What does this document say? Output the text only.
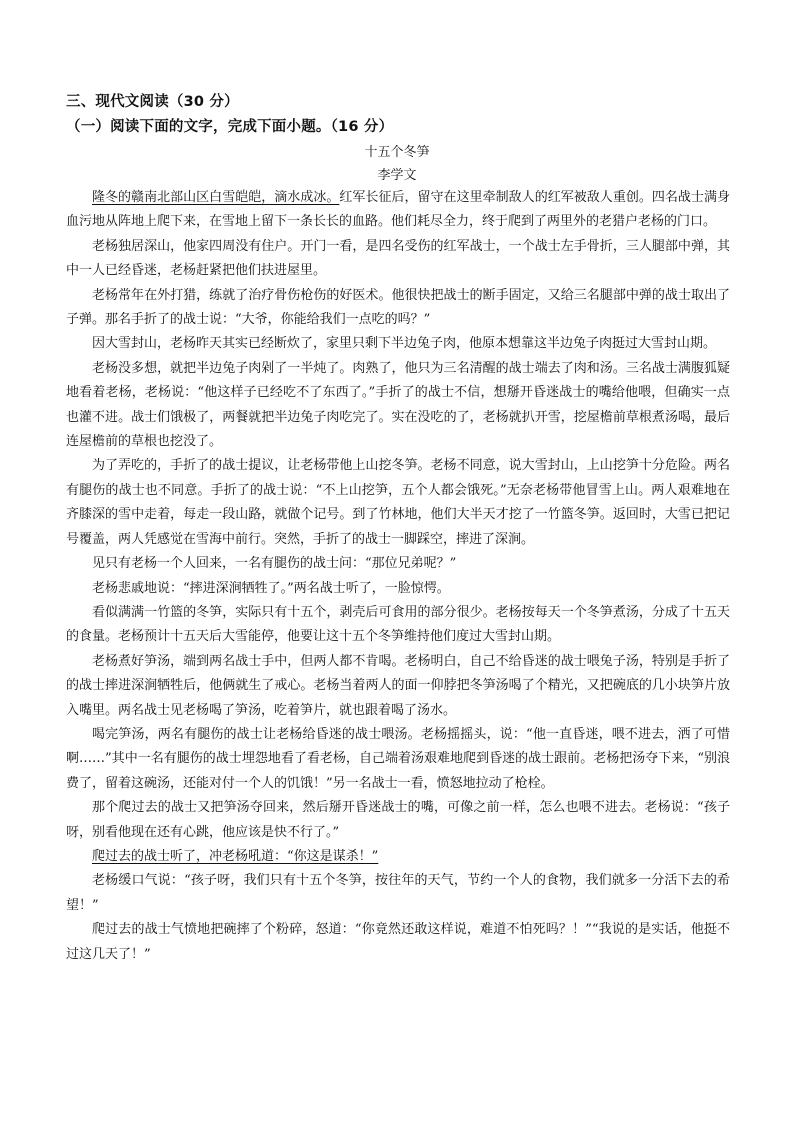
三、现代文阅读（30 分）
（一）阅读下面的文字，完成下面小题。（16 分）
十五个冬笋
李学文

隆冬的赣南北部山区白雪皑皑，滴水成冰。红军长征后，留守在这里牵制敌人的红军被敌人重创。四名战士满身血污地从阵地上爬下来，在雪地上留下一条长长的血路。他们耗尽全力，终于爬到了两里外的老猎户老杨的门口。

老杨独居深山，他家四周没有住户。开门一看，是四名受伤的红军战士，一个战士左手骨折，三人腿部中弹，其中一人已经昏迷，老杨赶紧把他们扶进屋里。

老杨常年在外打猎，练就了治疗骨伤枪伤的好医术。他很快把战士的断手固定，又给三名腿部中弹的战士取出了子弹。那名手折了的战士说：“大爷，你能给我们一点吃的吗？”

因大雪封山，老杨昨天其实已经断炊了，家里只剩下半边兔子肉，他原本想靠这半边兔子肉挺过大雪封山期。

老杨没多想，就把半边兔子肉剁了一半炖了。肉熟了，他只为三名清醒的战士端去了肉和汤。三名战士满腹狐疑地看着老杨，老杨说：“他这样子已经吃不了东西了。”手折了的战士不信，想掰开昏迷战士的嘴给他喂，但确实一点也灌不进。战士们饿极了，两餐就把半边兔子肉吃完了。实在没吃的了，老杨就扒开雪，挖屋檐前草根煮汤喝，最后连屋檐前的草根也挖没了。

为了弄吃的，手折了的战士提议，让老杨带他上山挖冬笋。老杨不同意，说大雪封山，上山挖笋十分危险。两名有腿伤的战士也不同意。手折了的战士说：“不上山挖笋，五个人都会饿死。”无奈老杨带他冒雪上山。两人艰难地在齐膝深的雪中走着，每走一段山路，就做个记号。到了竹林地，他们大半天才挖了一竹篮冬笋。返回时，大雪已把记号覆盖，两人凭感觉在雪海中前行。突然，手折了的战士一脚踩空，摔进了深涧。

见只有老杨一个人回来，一名有腿伤的战士问：“那位兄弟呢？”

老杨悲戚地说：“摔进深涧牺牲了。”两名战士听了，一脸惊愕。

看似满满一竹篮的冬笋，实际只有十五个，剥壳后可食用的部分很少。老杨按每天一个冬笋煮汤，分成了十五天的食量。老杨预计十五天后大雪能停，他要让这十五个冬笋维持他们度过大雪封山期。

老杨煮好笋汤，端到两名战士手中，但两人都不肯喝。老杨明白，自己不给昏迷的战士喂兔子汤，特别是手折了的战士摔进深涧牺牲后，他俩就生了戒心。老杨当着两人的面一仰脖把冬笋汤喝了个精光，又把碗底的几小块笋片放入嘴里。两名战士见老杨喝了笋汤，吃着笋片，就也跟着喝了汤水。

喝完笋汤，两名有腿伤的战士让老杨给昏迷的战士喂汤。老杨摇摇头，说：“他一直昏迷，喂不进去，洒了可惜啊……”其中一名有腿伤的战士埋怨地看了看老杨，自己端着汤艰难地爬到昏迷的战士跟前。老杨把汤夺下来，“别浪费了，留着这碗汤，还能对付一个人的饥饿！”另一名战士一看，愤怒地拉动了枪栓。

那个爬过去的战士又把笋汤夺回来，然后掰开昏迷战士的嘴，可像之前一样，怎么也喂不进去。老杨说：“孩子呀，别看他现在还有心跳，他应该是快不行了。”

爬过去的战士听了，冲老杨吼道：“你这是谋杀！”

老杨缓口气说：“孩子呀，我们只有十五个冬笋，按往年的天气，节约一个人的食物，我们就多一分活下去的希望！”

爬过去的战士气愤地把碗摔了个粉碎，怒道：“你竟然还敢这样说，难道不怕死吗？！”“我说的是实话，他挺不过这几天了！”
